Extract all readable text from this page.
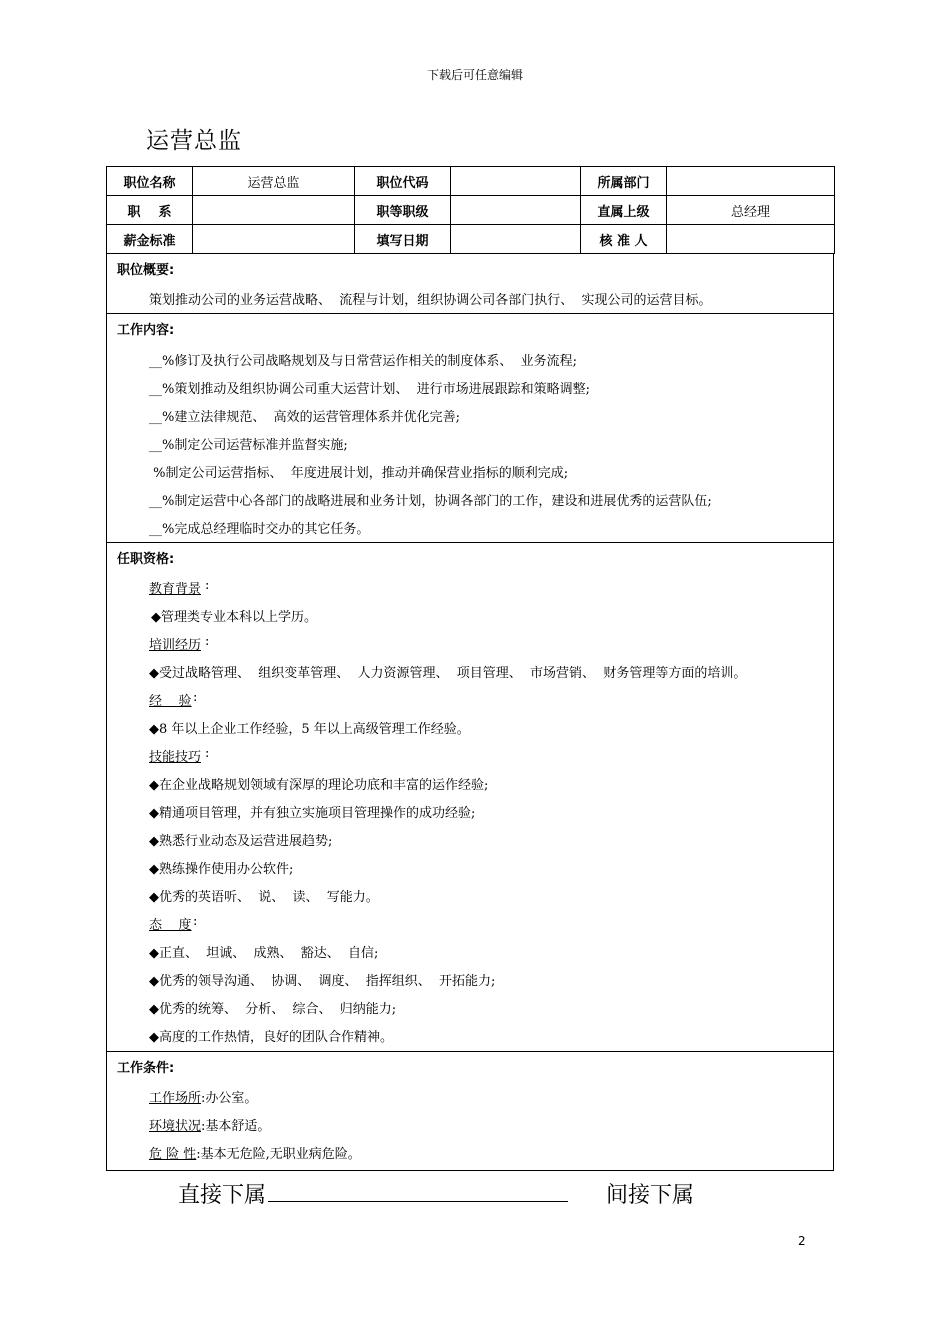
下载后可任意编辑
运营总监
职位名称	运营总监	职位代码		所属部门	
职    系		职等职级		直属上级	总经理
薪金标准		填写日期		核 准 人	
职位概要:
策划推动公司的业务运营战略、  流程与计划，组织协调公司各部门执行、  实现公司的运营目标。
工作内容:
__%修订及执行公司战略规划及与日常营运作相关的制度体系、  业务流程;
__%策划推动及组织协调公司重大运营计划、  进行市场进展跟踪和策略调整;
__%建立法律规范、  高效的运营管理体系并优化完善;
__%制定公司运营标准并监督实施;
%制定公司运营指标、  年度进展计划，推动并确保营业指标的顺利完成;
__%制定运营中心各部门的战略进展和业务计划，协调各部门的工作，建设和进展优秀的运营队伍;
__%完成总经理临时交办的其它任务。
任职资格:
教育背景 :
◆管理类专业本科以上学历。
培训经历 :
◆受过战略管理、  组织变革管理、  人力资源管理、  项目管理、  市场营销、  财务管理等方面的培训。
经    验 :
◆8 年以上企业工作经验，5 年以上高级管理工作经验。
技能技巧 :
◆在企业战略规划领域有深厚的理论功底和丰富的运作经验;
◆精通项目管理，并有独立实施项目管理操作的成功经验;
◆熟悉行业动态及运营进展趋势;
◆熟练操作使用办公软件;
◆优秀的英语听、  说、  读、  写能力。
态    度 :
◆正直、  坦诚、  成熟、  豁达、  自信;
◆优秀的领导沟通、  协调、  调度、  指挥组织、  开拓能力;
◆优秀的统筹、  分析、  综合、  归纳能力;
◆高度的工作热情，良好的团队合作精神。
工作条件:
工作场所:办公室。
环境状况:基本舒适。
危 险 性:基本无危险,无职业病危险。
直接下属	间接下属
2
